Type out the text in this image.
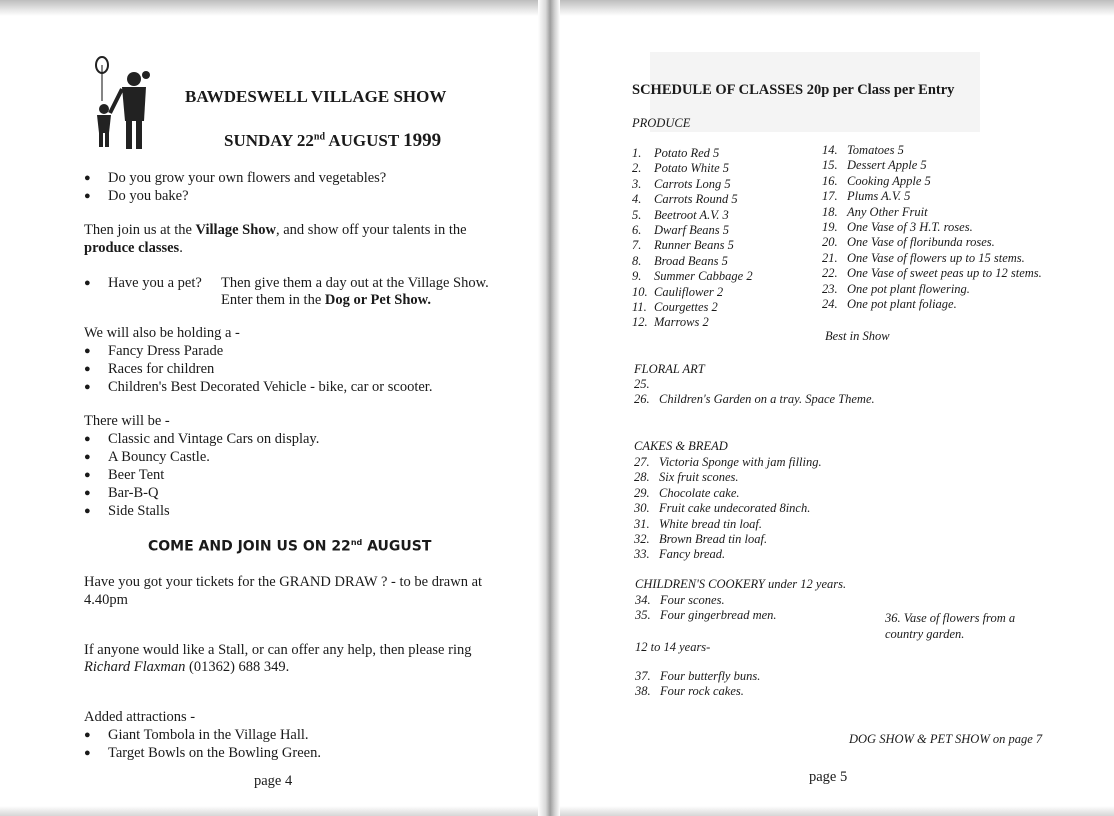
BAWDESWELL VILLAGE SHOW
SUNDAY 22nd AUGUST 1999
● Do you grow your own flowers and vegetables?
● Do you bake?
Then join us at the Village Show, and show off your talents in the
produce classes.
● Have you a pet? Then give them a day out at the Village Show.
Enter them in the Dog or Pet Show.
We will also be holding a -
● Fancy Dress Parade
● Races for children
● Children's Best Decorated Vehicle - bike, car or scooter.
There will be -
● Classic and Vintage Cars on display.
● A Bouncy Castle.
● Beer Tent
● Bar-B-Q
● Side Stalls
COME AND JOIN US ON 22nd AUGUST
Have you got your tickets for the GRAND DRAW ? - to be drawn at
4.40pm
If anyone would like a Stall, or can offer any help, then please ring
Richard Flaxman (01362) 688 349.
Added attractions -
● Giant Tombola in the Village Hall.
● Target Bowls on the Bowling Green.
page 4
SCHEDULE OF CLASSES 20p per Class per Entry
PRODUCE
1. Potato Red 5
2. Potato White 5
3. Carrots Long 5
4. Carrots Round 5
5. Beetroot A.V. 3
6. Dwarf Beans 5
7. Runner Beans 5
8. Broad Beans 5
9. Summer Cabbage 2
10. Cauliflower 2
11. Courgettes 2
12. Marrows 2
14. Tomatoes 5
15. Dessert Apple 5
16. Cooking Apple 5
17. Plums A.V. 5
18. Any Other Fruit
19. One Vase of 3 H.T. roses.
20. One Vase of floribunda roses.
21. One Vase of flowers up to 15 stems.
22. One Vase of sweet peas up to 12 stems.
23. One pot plant flowering.
24. One pot plant foliage.
Best in Show
FLORAL ART
25.
26. Children's Garden on a tray. Space Theme.
CAKES & BREAD
27. Victoria Sponge with jam filling.
28. Six fruit scones.
29. Chocolate cake.
30. Fruit cake undecorated 8inch.
31. White bread tin loaf.
32. Brown Bread tin loaf.
33. Fancy bread.
CHILDREN'S COOKERY under 12 years.
34. Four scones.
35. Four gingerbread men.	36. Vase of flowers from a
country garden.
12 to 14 years-
37. Four butterfly buns.
38. Four rock cakes.
DOG SHOW & PET SHOW on page 7
page 5
